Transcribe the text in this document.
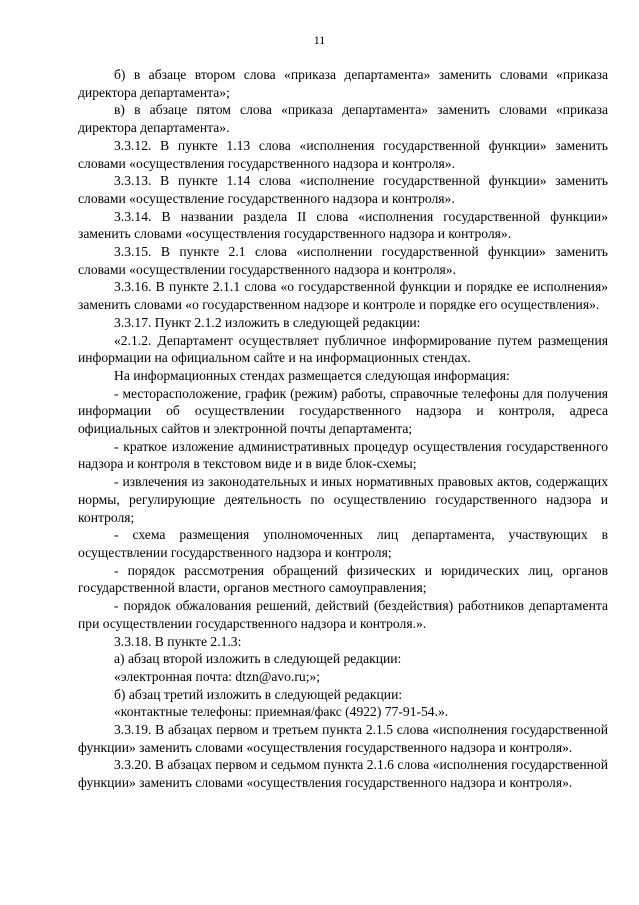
11

б) в абзаце втором слова «приказа департамента» заменить словами «приказа директора департамента»;

в) в абзаце пятом слова «приказа департамента» заменить словами «приказа директора департамента».

3.3.12. В пункте 1.13 слова «исполнения государственной функции» заменить словами «осуществления государственного надзора и контроля».

3.3.13. В пункте 1.14 слова «исполнение государственной функции» заменить словами «осуществление государственного надзора и контроля».

3.3.14. В названии раздела II слова «исполнения государственной функции» заменить словами «осуществления государственного надзора и контроля».

3.3.15. В пункте 2.1 слова «исполнении государственной функции» заменить словами «осуществлении государственного надзора и контроля».

3.3.16. В пункте 2.1.1 слова «о государственной функции и порядке ее исполнения» заменить словами «о государственном надзоре и контроле и порядке его осуществления».

3.3.17. Пункт 2.1.2 изложить в следующей редакции:

«2.1.2. Департамент осуществляет публичное информирование путем размещения информации на официальном сайте и на информационных стендах.

На информационных стендах размещается следующая информация:

- месторасположение, график (режим) работы, справочные телефоны для получения информации об осуществлении государственного надзора и контроля, адреса официальных сайтов и электронной почты департамента;

- краткое изложение административных процедур осуществления государственного надзора и контроля в текстовом виде и в виде блок-схемы;

- извлечения из законодательных и иных нормативных правовых актов, содержащих нормы, регулирующие деятельность по осуществлению государственного надзора и контроля;

- схема размещения уполномоченных лиц департамента, участвующих в осуществлении государственного надзора и контроля;

- порядок рассмотрения обращений физических и юридических лиц, органов государственной власти, органов местного самоуправления;

- порядок обжалования решений, действий (бездействия) работников департамента при осуществлении государственного надзора и контроля.».

3.3.18. В пункте 2.1.3:

а) абзац второй изложить в следующей редакции:

«электронная почта: dtzn@avo.ru;»;

б) абзац третий изложить в следующей редакции:

«контактные телефоны: приемная/факс (4922) 77-91-54.».

3.3.19. В абзацах первом и третьем пункта 2.1.5 слова «исполнения государственной функции» заменить словами «осуществления государственного надзора и контроля».

3.3.20. В абзацах первом и седьмом пункта 2.1.6 слова «исполнения государственной функции» заменить словами «осуществления государственного надзора и контроля».
